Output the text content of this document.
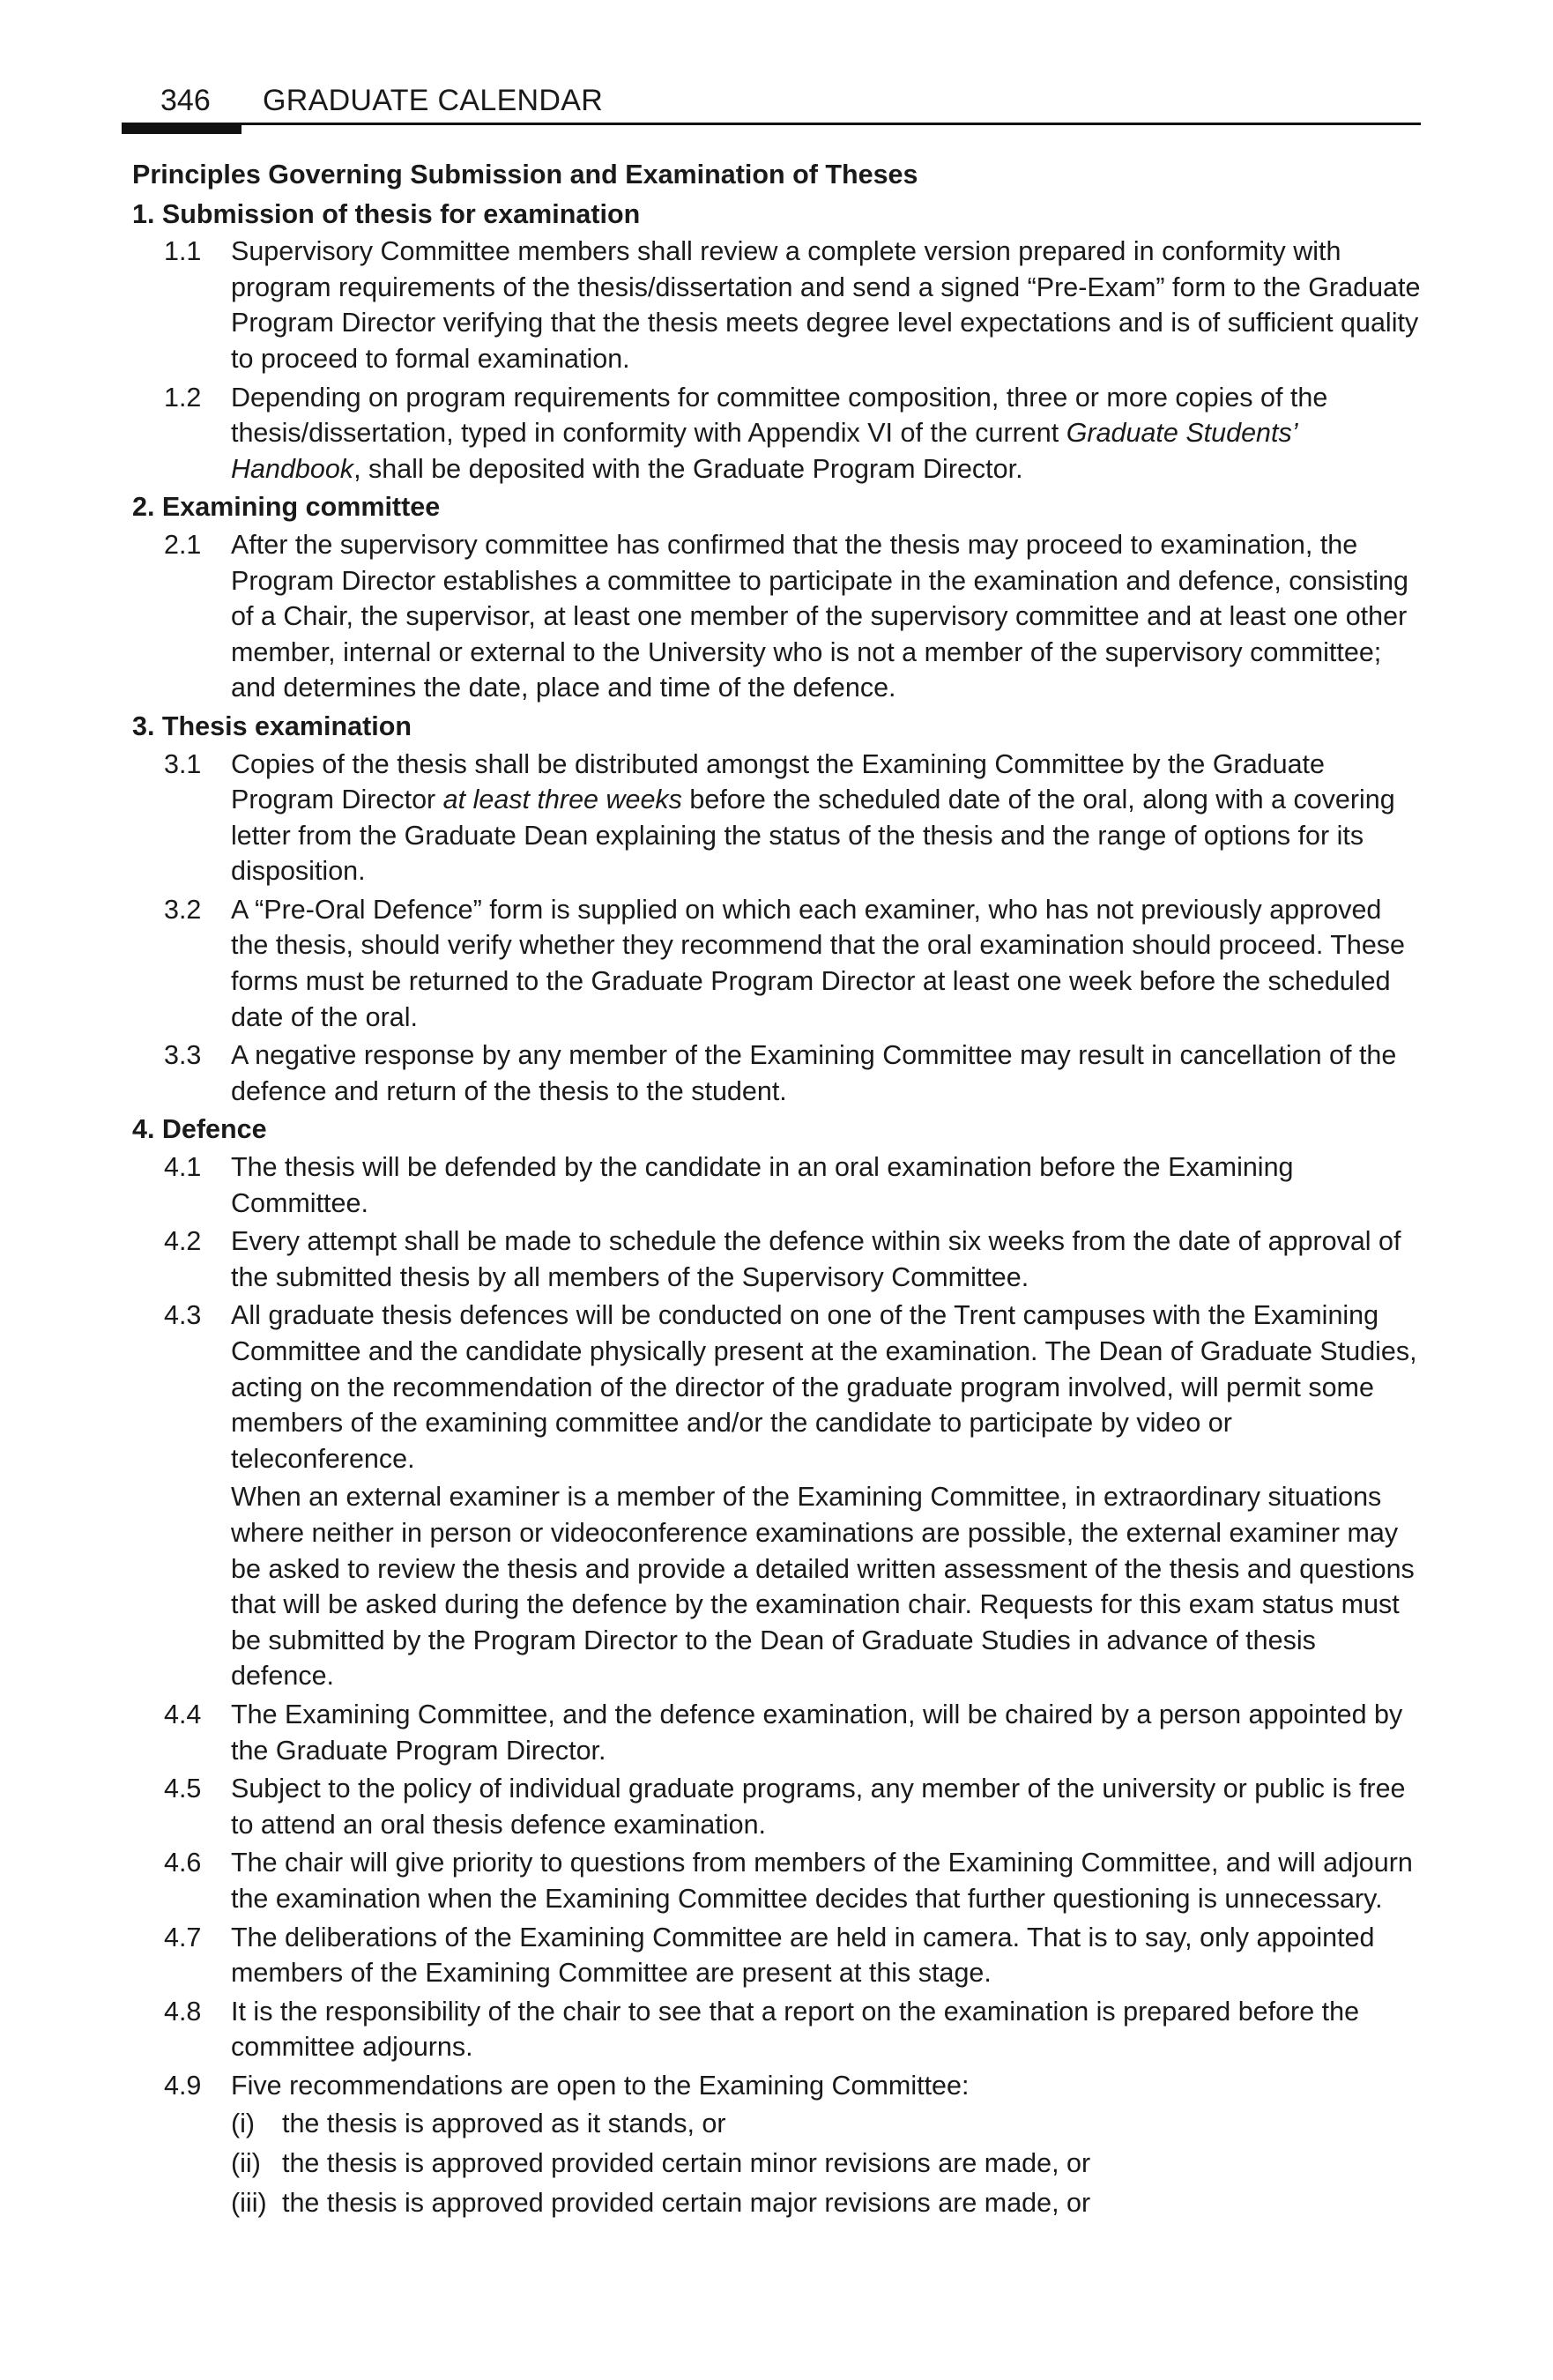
346 GRADUATE CALENDAR
Principles Governing Submission and Examination of Theses
1. Submission of thesis for examination
1.1 Supervisory Committee members shall review a complete version prepared in conformity with program requirements of the thesis/dissertation and send a signed “Pre-Exam” form to the Graduate Program Director verifying that the thesis meets degree level expectations and is of sufficient quality to proceed to formal examination.
1.2 Depending on program requirements for committee composition, three or more copies of the thesis/dissertation, typed in conformity with Appendix VI of the current Graduate Students’ Handbook, shall be deposited with the Graduate Program Director.
2. Examining committee
2.1 After the supervisory committee has confirmed that the thesis may proceed to examination, the Program Director establishes a committee to participate in the examination and defence, consisting of a Chair, the supervisor, at least one member of the supervisory committee and at least one other member, internal or external to the University who is not a member of the supervisory committee; and determines the date, place and time of the defence.
3. Thesis examination
3.1 Copies of the thesis shall be distributed amongst the Examining Committee by the Graduate Program Director at least three weeks before the scheduled date of the oral, along with a covering letter from the Graduate Dean explaining the status of the thesis and the range of options for its disposition.
3.2 A “Pre-Oral Defence” form is supplied on which each examiner, who has not previously approved the thesis, should verify whether they recommend that the oral examination should proceed. These forms must be returned to the Graduate Program Director at least one week before the scheduled date of the oral.
3.3 A negative response by any member of the Examining Committee may result in cancellation of the defence and return of the thesis to the student.
4. Defence
4.1 The thesis will be defended by the candidate in an oral examination before the Examining Committee.
4.2 Every attempt shall be made to schedule the defence within six weeks from the date of approval of the submitted thesis by all members of the Supervisory Committee.
4.3 All graduate thesis defences will be conducted on one of the Trent campuses with the Examining Committee and the candidate physically present at the examination. The Dean of Graduate Studies, acting on the recommendation of the director of the graduate program involved, will permit some members of the examining committee and/or the candidate to participate by video or teleconference.
When an external examiner is a member of the Examining Committee, in extraordinary situations where neither in person or videoconference examinations are possible, the external examiner may be asked to review the thesis and provide a detailed written assessment of the thesis and questions that will be asked during the defence by the examination chair. Requests for this exam status must be submitted by the Program Director to the Dean of Graduate Studies in advance of thesis defence.
4.4 The Examining Committee, and the defence examination, will be chaired by a person appointed by the Graduate Program Director.
4.5 Subject to the policy of individual graduate programs, any member of the university or public is free to attend an oral thesis defence examination.
4.6 The chair will give priority to questions from members of the Examining Committee, and will adjourn the examination when the Examining Committee decides that further questioning is unnecessary.
4.7 The deliberations of the Examining Committee are held in camera. That is to say, only appointed members of the Examining Committee are present at this stage.
4.8 It is the responsibility of the chair to see that a report on the examination is prepared before the committee adjourns.
4.9 Five recommendations are open to the Examining Committee:
(i) the thesis is approved as it stands, or
(ii) the thesis is approved provided certain minor revisions are made, or
(iii) the thesis is approved provided certain major revisions are made, or
